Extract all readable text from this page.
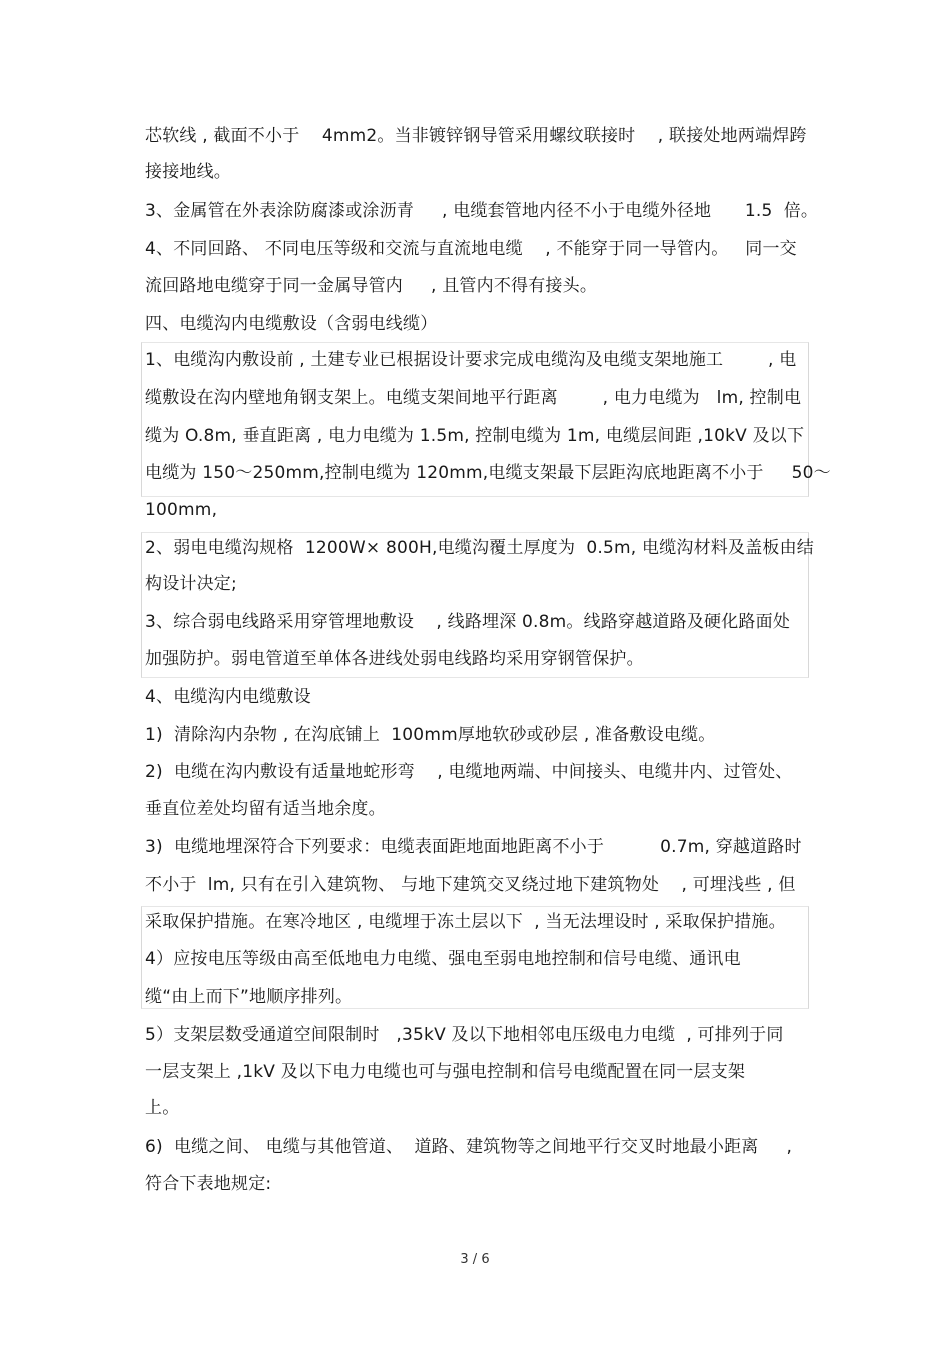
芯软线 , 截面不小于    4mm2。当非镀锌钢导管采用螺纹联接时    , 联接处地两端焊跨
接接地线。
3、金属管在外表涂防腐漆或涂沥青     , 电缆套管地内径不小于电缆外径地      1.5  倍。
4、不同回路、 不同电压等级和交流与直流地电缆    , 不能穿于同一导管内。   同一交
流回路地电缆穿于同一金属导管内     , 且管内不得有接头。
四、电缆沟内电缆敷设（含弱电线缆）
1、电缆沟内敷设前 , 土建专业已根据设计要求完成电缆沟及电缆支架地施工        , 电
缆敷设在沟内壁地角钢支架上。电缆支架间地平行距离        , 电力电缆为   lm, 控制电
缆为 O.8m, 垂直距离 , 电力电缆为 1.5m, 控制电缆为 1m, 电缆层间距 ,10kV 及以下
电缆为 150～250mm,控制电缆为 120mm,电缆支架最下层距沟底地距离不小于     50～
100mm,
2、弱电电缆沟规格  1200W× 800H,电缆沟覆土厚度为  0.5m, 电缆沟材料及盖板由结
构设计决定;
3、综合弱电线路采用穿管埋地敷设    , 线路埋深 0.8m。线路穿越道路及硬化路面处
加强防护。弱电管道至单体各进线处弱电线路均采用穿钢管保护。
4、电缆沟内电缆敷设
1)  清除沟内杂物 , 在沟底铺上  100mm厚地软砂或砂层 , 准备敷设电缆。
2)  电缆在沟内敷设有适量地蛇形弯    , 电缆地两端、中间接头、电缆井内、过管处、
垂直位差处均留有适当地余度。
3)  电缆地埋深符合下列要求：电缆表面距地面地距离不小于          0.7m, 穿越道路时
不小于  lm, 只有在引入建筑物、 与地下建筑交叉绕过地下建筑物处    , 可埋浅些 , 但
采取保护措施。在寒冷地区 , 电缆埋于冻土层以下  , 当无法埋设时 , 采取保护措施。
4）应按电压等级由高至低地电力电缆、强电至弱电地控制和信号电缆、通讯电
缆“由上而下”地顺序排列。
5）支架层数受通道空间限制时   ,35kV 及以下地相邻电压级电力电缆  , 可排列于同
一层支架上 ,1kV 及以下电力电缆也可与强电控制和信号电缆配置在同一层支架
上。
6)  电缆之间、 电缆与其他管道、  道路、建筑物等之间地平行交叉时地最小距离     ,
符合下表地规定:
3 / 6
